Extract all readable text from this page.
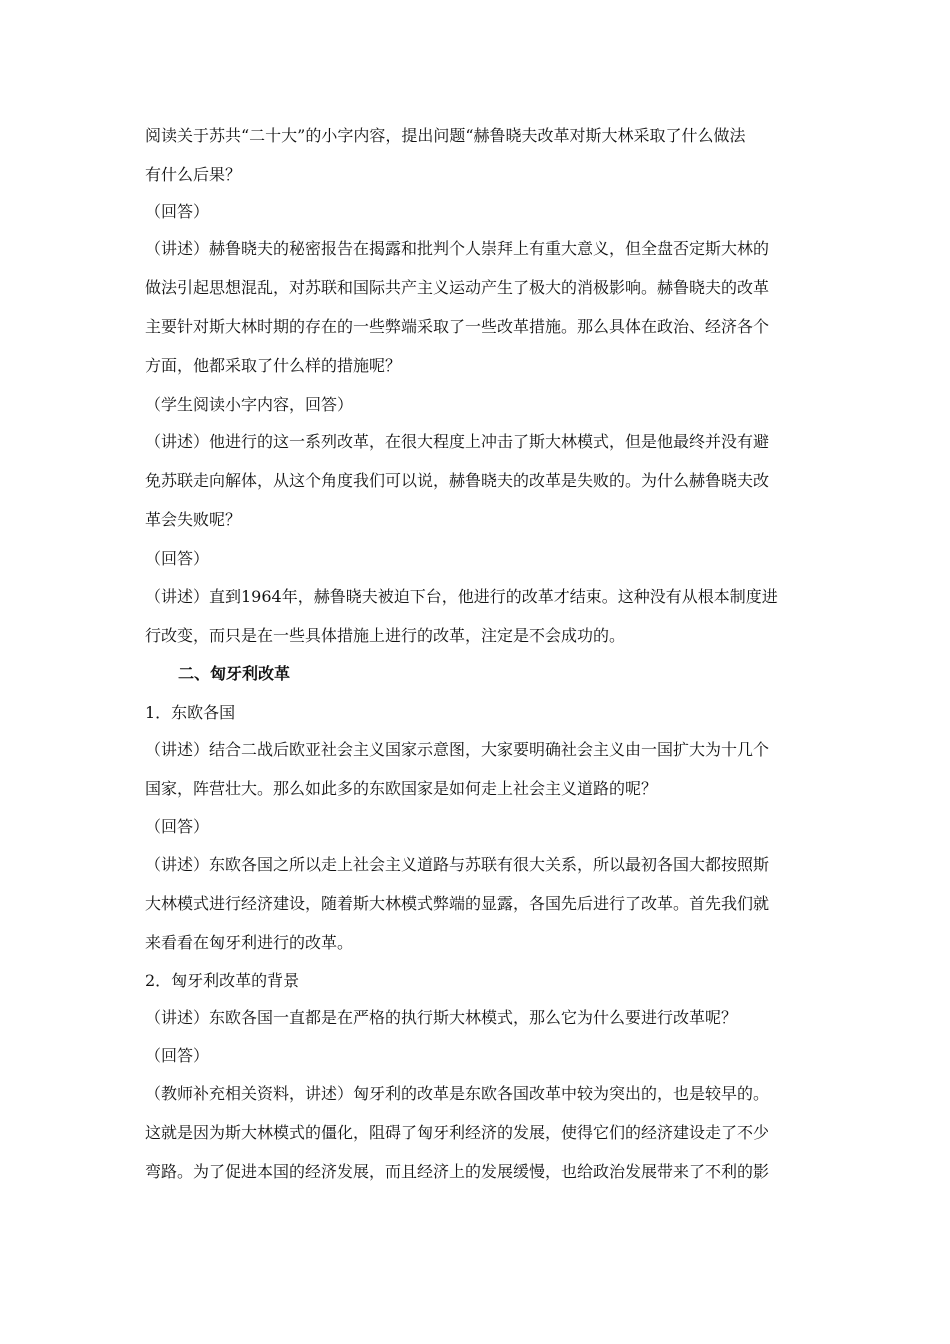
阅读关于苏共“二十大”的小字内容，提出问题“赫鲁晓夫改革对斯大林采取了什么做法
有什么后果？
（回答）
（讲述）赫鲁晓夫的秘密报告在揭露和批判个人崇拜上有重大意义，但全盘否定斯大林的
做法引起思想混乱，对苏联和国际共产主义运动产生了极大的消极影响。赫鲁晓夫的改革
主要针对斯大林时期的存在的一些弊端采取了一些改革措施。那么具体在政治、经济各个
方面，他都采取了什么样的措施呢？
（学生阅读小字内容，回答）
（讲述）他进行的这一系列改革，在很大程度上冲击了斯大林模式，但是他最终并没有避
免苏联走向解体，从这个角度我们可以说，赫鲁晓夫的改革是失败的。为什么赫鲁晓夫改
革会失败呢？
（回答）
（讲述）直到1964年，赫鲁晓夫被迫下台，他进行的改革才结束。这种没有从根本制度进
行改变，而只是在一些具体措施上进行的改革，注定是不会成功的。
二、匈牙利改革
1．东欧各国
（讲述）结合二战后欧亚社会主义国家示意图，大家要明确社会主义由一国扩大为十几个
国家，阵营壮大。那么如此多的东欧国家是如何走上社会主义道路的呢？
（回答）
（讲述）东欧各国之所以走上社会主义道路与苏联有很大关系，所以最初各国大都按照斯
大林模式进行经济建设，随着斯大林模式弊端的显露，各国先后进行了改革。首先我们就
来看看在匈牙利进行的改革。
2．匈牙利改革的背景
（讲述）东欧各国一直都是在严格的执行斯大林模式，那么它为什么要进行改革呢？
（回答）
（教师补充相关资料，讲述）匈牙利的改革是东欧各国改革中较为突出的，也是较早的。
这就是因为斯大林模式的僵化，阻碍了匈牙利经济的发展，使得它们的经济建设走了不少
弯路。为了促进本国的经济发展，而且经济上的发展缓慢，也给政治发展带来了不利的影
